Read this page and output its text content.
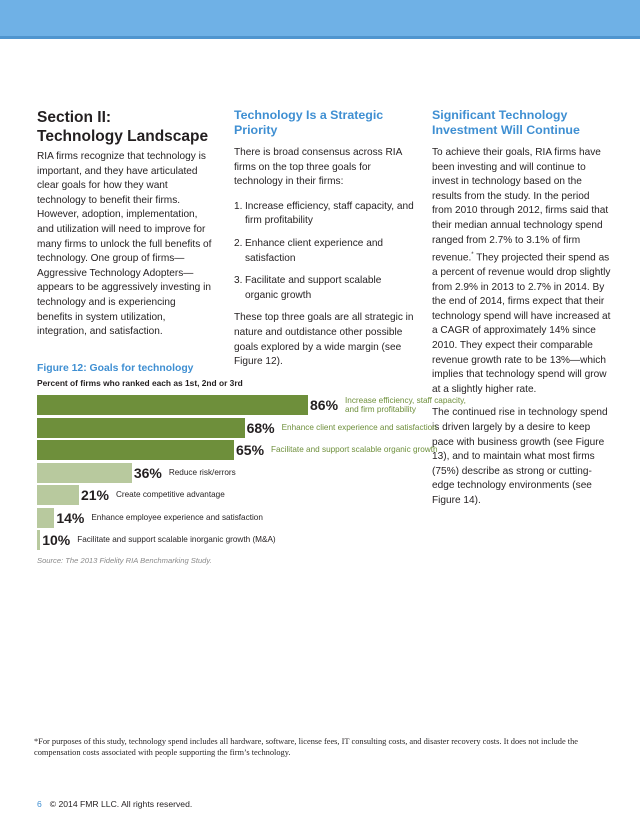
Section II:
Technology Landscape

RIA firms recognize that technology is important, and they have articulated clear goals for how they want technology to benefit their firms. However, adoption, implementation, and utilization will need to improve for many firms to unlock the full benefits of technology. One group of firms—Aggressive Technology Adopters—appears to be aggressively investing in technology and is experiencing benefits in system utilization, integration, and satisfaction.

Technology Is a Strategic Priority

There is broad consensus across RIA firms on the top three goals for technology in their firms:

1. Increase efficiency, staff capacity, and firm profitability
2. Enhance client experience and satisfaction
3. Facilitate and support scalable organic growth

These top three goals are all strategic in nature and outdistance other possible goals explored by a wide margin (see Figure 12).

Significant Technology
Investment Will Continue

To achieve their goals, RIA firms have been investing and will continue to invest in technology based on the results from the study. In the period from 2010 through 2012, firms said that their median annual technology spend ranged from 2.7% to 3.1% of firm revenue.* They projected their spend as a percent of revenue would drop slightly from 2.9% in 2013 to 2.7% in 2014. By the end of 2014, firms expect that their technology spend will have increased at a CAGR of approximately 14% since 2010. They expect their comparable revenue growth rate to be 13%—which implies that technology spend will grow at a slightly higher rate.

The continued rise in technology spend is driven largely by a desire to keep pace with business growth (see Figure 13), and to maintain what most firms (75%) describe as strong or cutting-edge technology environments (see Figure 14).

Figure 12: Goals for technology
Percent of firms who ranked each as 1st, 2nd or 3rd
86% Increase efficiency, staff capacity,
and firm profitability
68% Enhance client experience and satisfaction
65% Facilitate and support scalable organic growth
36% Reduce risk/errors
21% Create competitive advantage
14% Enhance employee experience and satisfaction
10% Facilitate and support scalable inorganic growth (M&A)
Source: The 2013 Fidelity RIA Benchmarking Study.
*For purposes of this study, technology spend includes all hardware, software, license fees, IT consulting costs, and disaster recovery costs. It does not include the compensation costs associated with people supporting the firm’s technology.
6 © 2014 FMR LLC. All rights reserved.
